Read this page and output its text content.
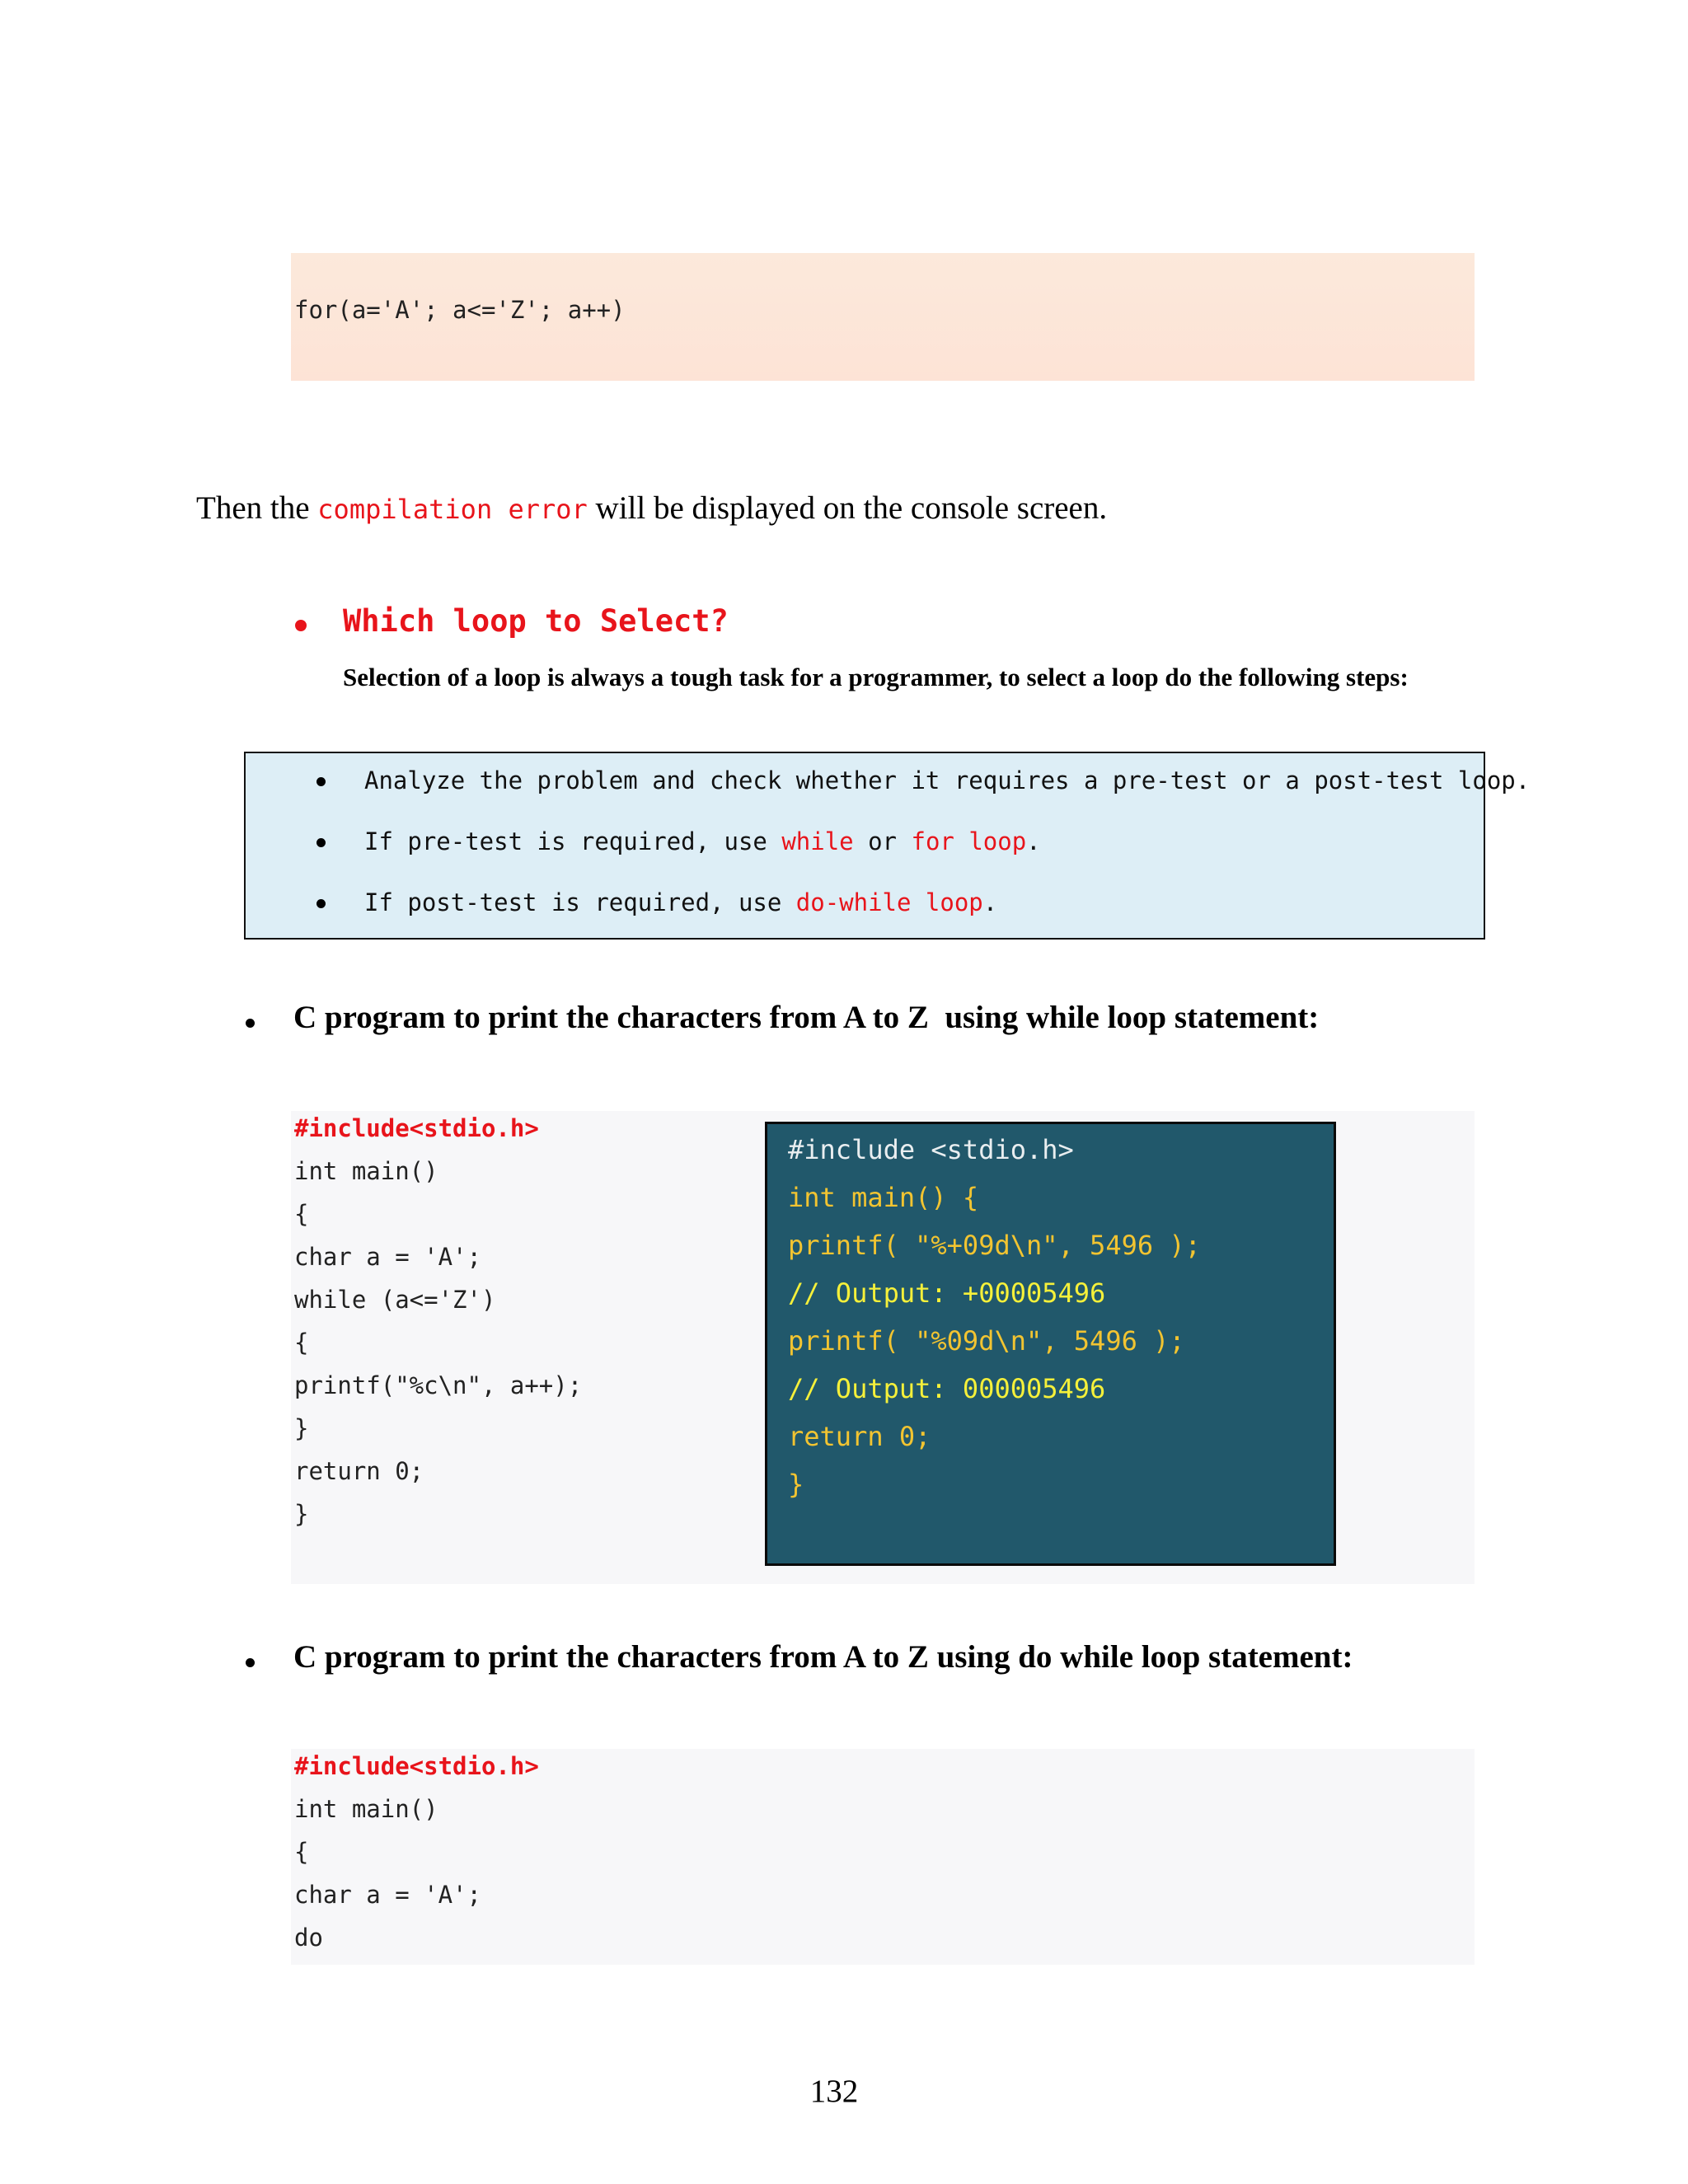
for(a='A'; a<='Z'; a++)
Then the compilation error will be displayed on the console screen.
Which loop to Select?
Selection of a loop is always a tough task for a programmer, to select a loop do the following steps:

Analyze the problem and check whether it requires a pre-test or a post-test loop.

If pre-test is required, use while or for loop.

If post-test is required, use do-while loop.

C program to print the characters from A to Z  using while loop statement:
#include<stdio.h>
int main()
{
char a = 'A';
while (a<='Z')
{
printf("%c\n", a++);
}
return 0;
}
#include <stdio.h>
int main() {
printf( "%+09d\n", 5496 );
// Output: +00005496
printf( "%09d\n", 5496 );
// Output: 000005496
return 0;
}
C program to print the characters from A to Z using do while loop statement:
#include<stdio.h>
int main()
{
char a = 'A';
do
132
